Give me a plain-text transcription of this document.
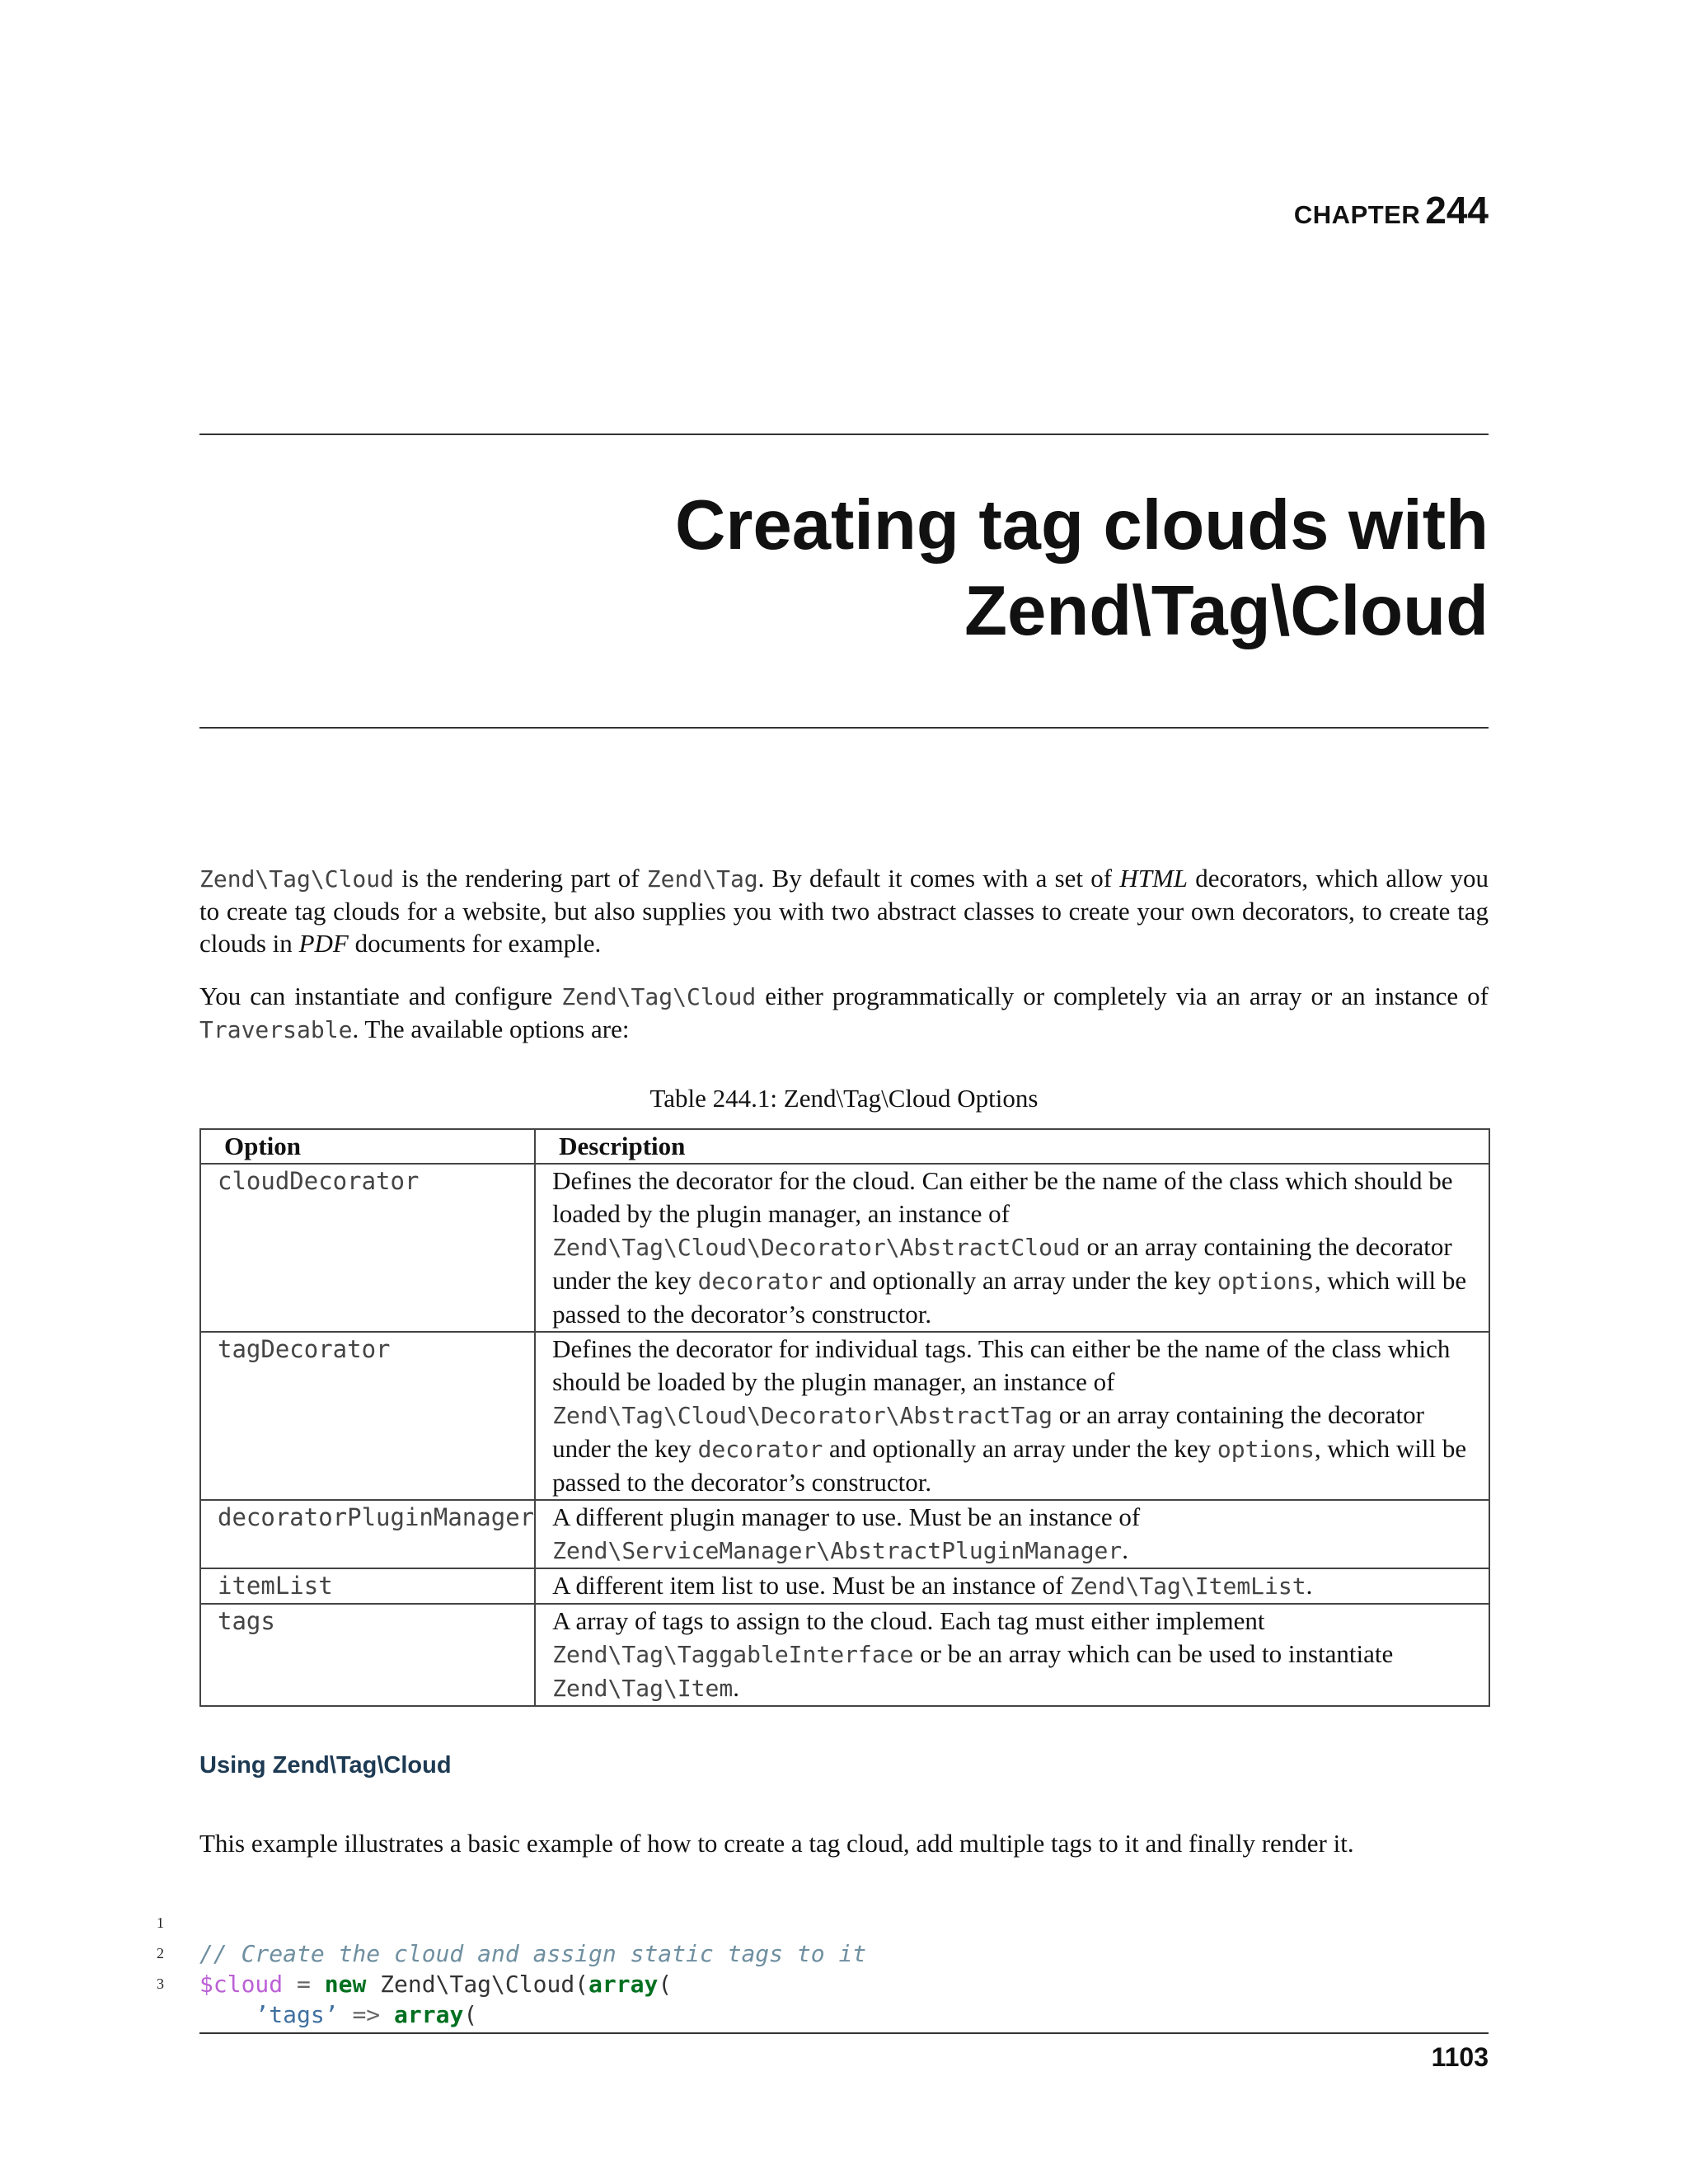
CHAPTER 244
Creating tag clouds with
Zend\Tag\Cloud

Zend\Tag\Cloud is the rendering part of Zend\Tag. By default it comes with a set of HTML decorators, which allow you to create tag clouds for a website, but also supplies you with two abstract classes to create your own decorators, to create tag clouds in PDF documents for example.

You can instantiate and configure Zend\Tag\Cloud either programmatically or completely via an array or an instance of Traversable. The available options are:

Table 244.1: Zend\Tag\Cloud Options
Option	Description
cloudDecorator	Defines the decorator for the cloud. Can either be the name of the class which should be loaded by the plugin manager, an instance of Zend\Tag\Cloud\Decorator\AbstractCloud or an array containing the decorator under the key decorator and optionally an array under the key options, which will be passed to the decorator’s constructor.
tagDecorator	Defines the decorator for individual tags. This can either be the name of the class which should be loaded by the plugin manager, an instance of Zend\Tag\Cloud\Decorator\AbstractTag or an array containing the decorator under the key decorator and optionally an array under the key options, which will be passed to the decorator’s constructor.
decoratorPluginManager	A different plugin manager to use. Must be an instance of Zend\ServiceManager\AbstractPluginManager.
itemList	A different item list to use. Must be an instance of Zend\Tag\ItemList.
tags	A array of tags to assign to the cloud. Each tag must either implement Zend\Tag\TaggableInterface or be an array which can be used to instantiate Zend\Tag\Item.
Using Zend\Tag\Cloud

This example illustrates a basic example of how to create a tag cloud, add multiple tags to it and finally render it.

1

// Create the cloud and assign static tags to it

2

$cloud = new Zend\Tag\Cloud(array(

3

’tags’ => array(

1103
